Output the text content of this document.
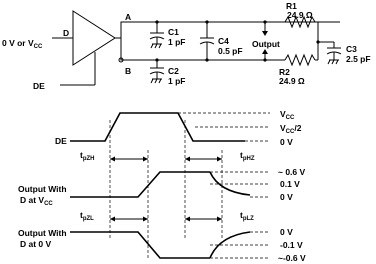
0 V or $V_{CC}$
D
DE
A
B
C1
1 pF
C2
1 pF
C4
0.5 pF
Output
R1
24.9 Ω
R2
24.9 Ω
C3
2.5 pF
DE
$V_{CC}$
$V_{CC}/2$
0 V
$t_{pZH}$	$t_{pHZ}$
Output With
D at $V_{CC}$
~ 0.6 V
0.1 V
0 V
$t_{pZL}$	$t_{pLZ}$
Output With
D at 0 V
0 V
-0.1 V
~-0.6 V
